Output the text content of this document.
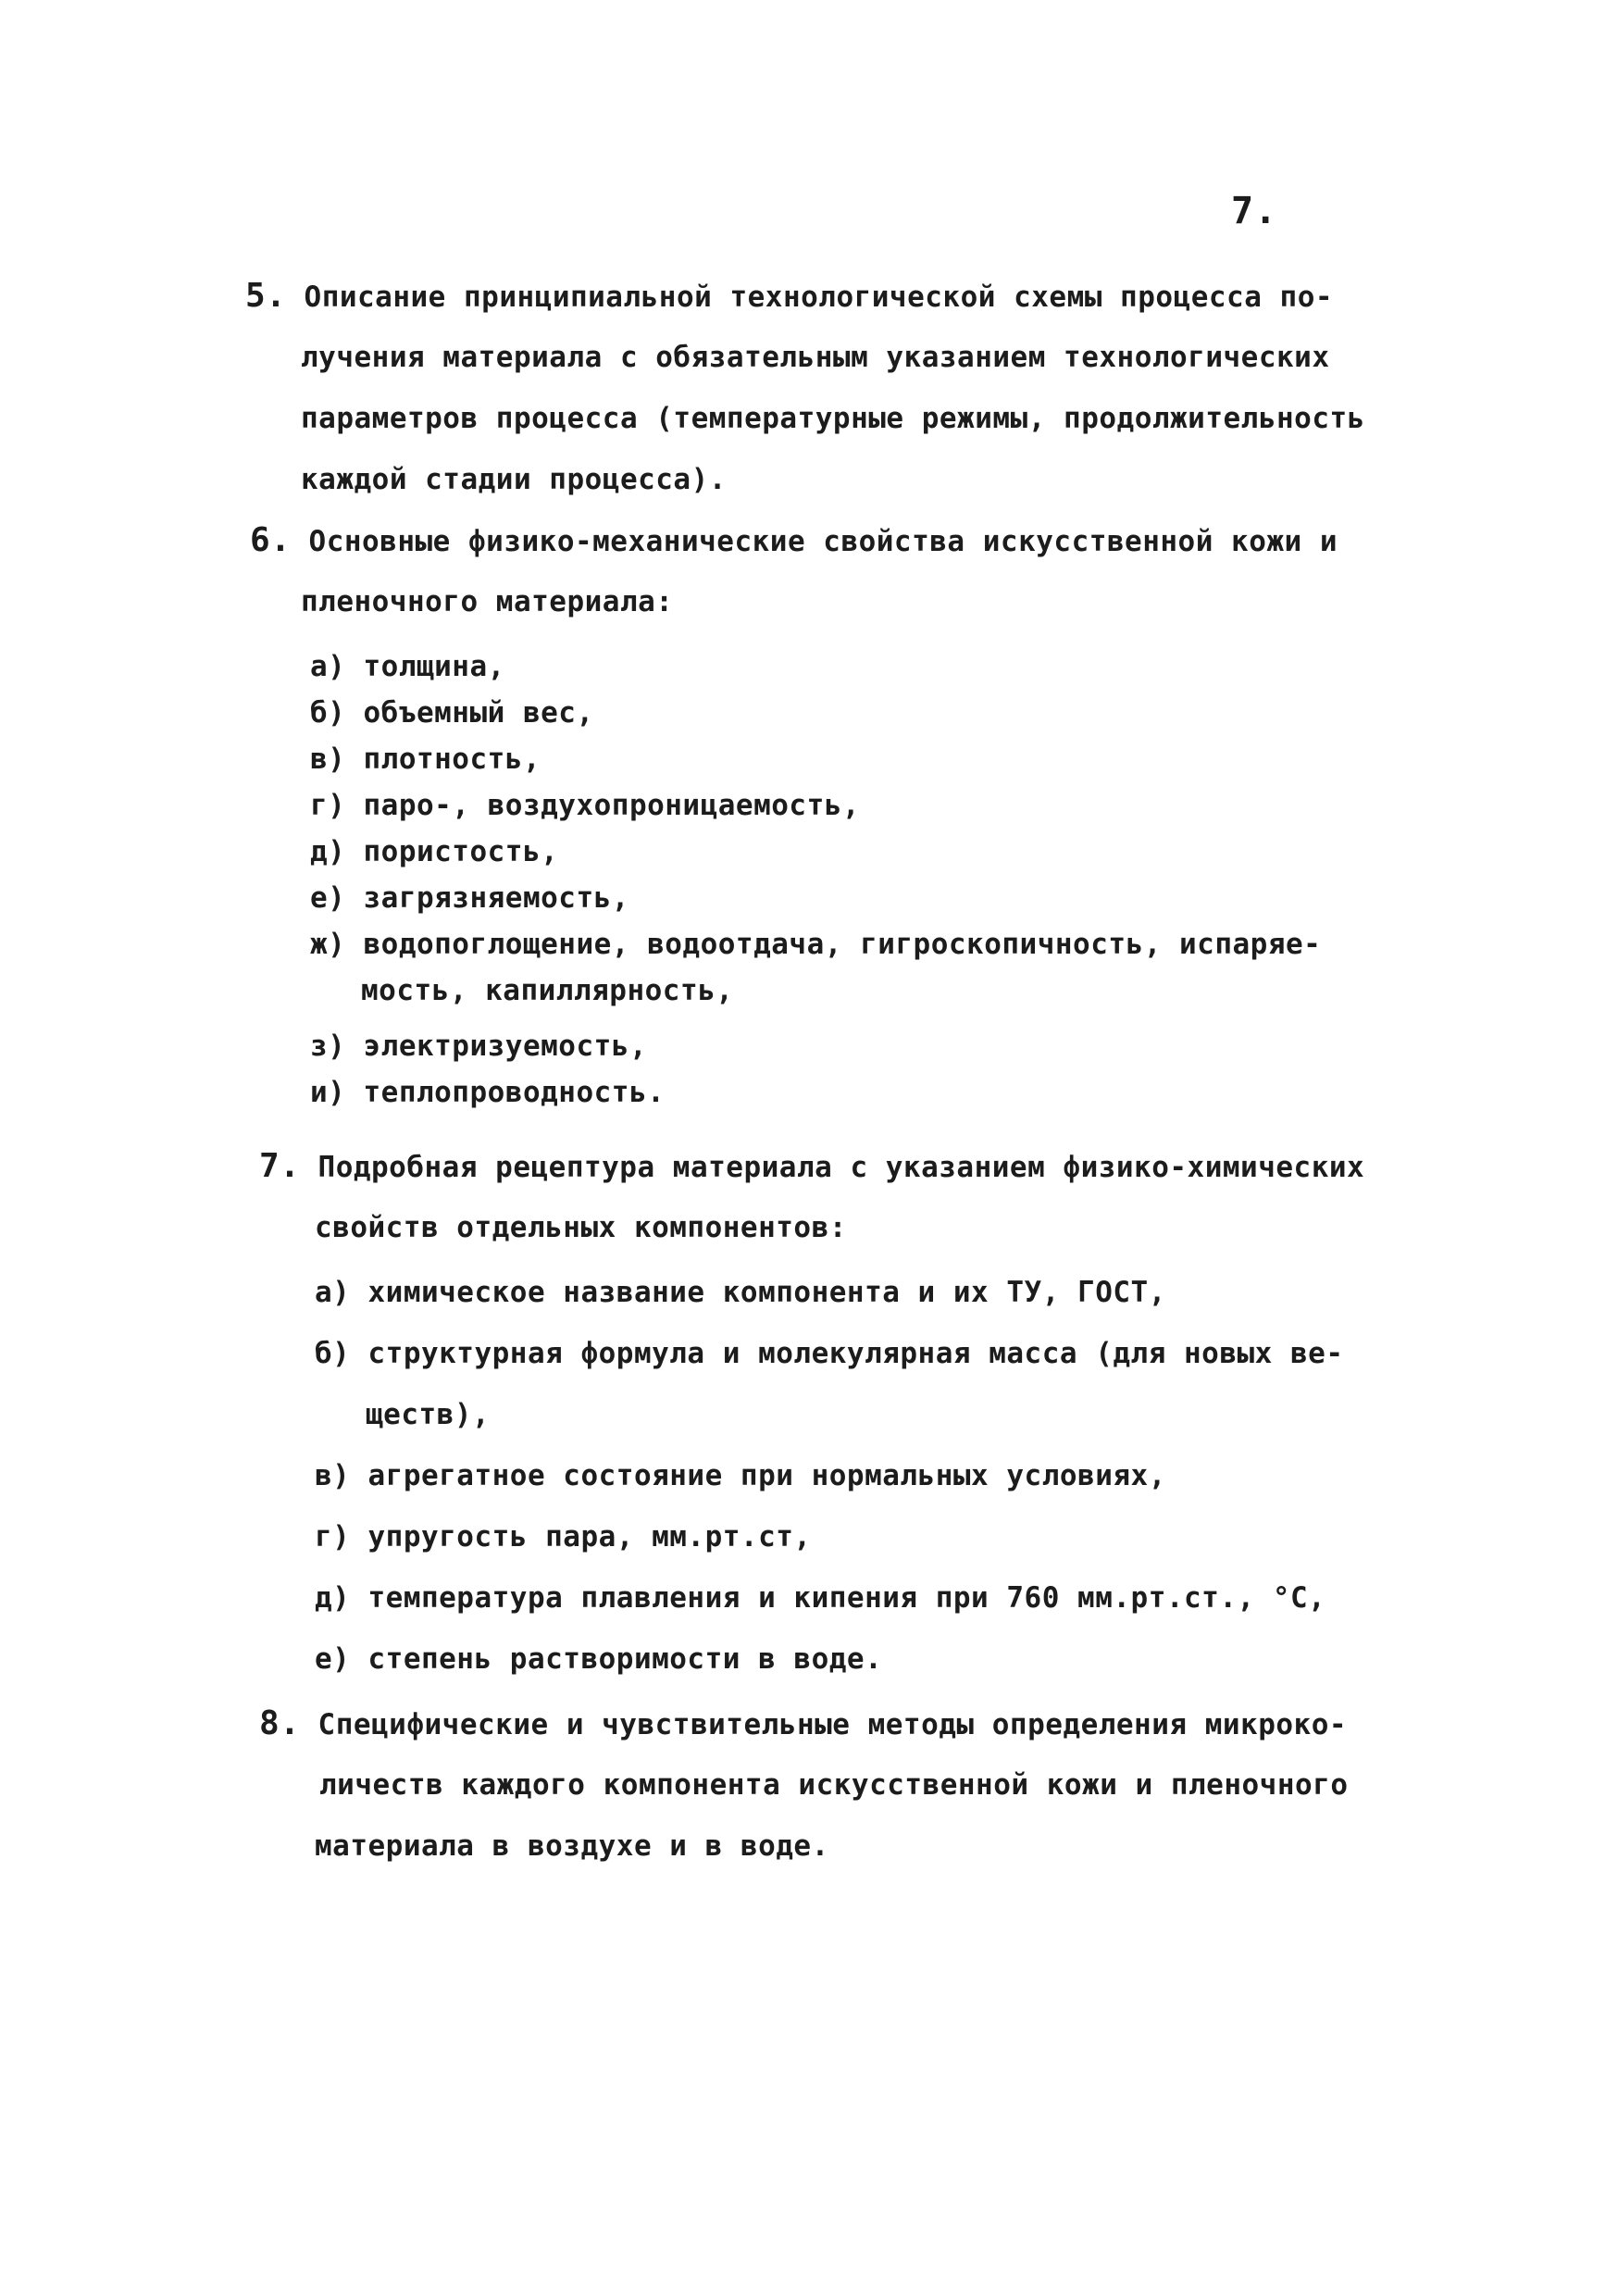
7.
5. Описание принципиальной технологической схемы процесса по-
лучения материала с обязательным указанием технологических
параметров процесса (температурные режимы, продолжительность
каждой стадии процесса).
6. Основные физико-механические свойства искусственной кожи и
пленочного материала:
а) толщина,
б) объемный вес,
в) плотность,
г) паро-, воздухопроницаемость,
д) пористость,
е) загрязняемость,
ж) водопоглощение, водоотдача, гигроскопичность, испаряе-
мость, капиллярность,
з) электризуемость,
и) теплопроводность.
7. Подробная рецептура материала с указанием физико-химических
свойств отдельных компонентов:
а) химическое название компонента и их ТУ, ГОСТ,
б) структурная формула и молекулярная масса (для новых ве-
ществ),
в) агрегатное состояние при нормальных условиях,
г) упругость пара, мм.рт.ст,
д) температура плавления и кипения при 760 мм.рт.ст., °С,
е) степень растворимости в воде.
8. Специфические и чувствительные методы определения микроко-
личеств каждого компонента искусственной кожи и пленочного
материала в воздухе и в воде.
